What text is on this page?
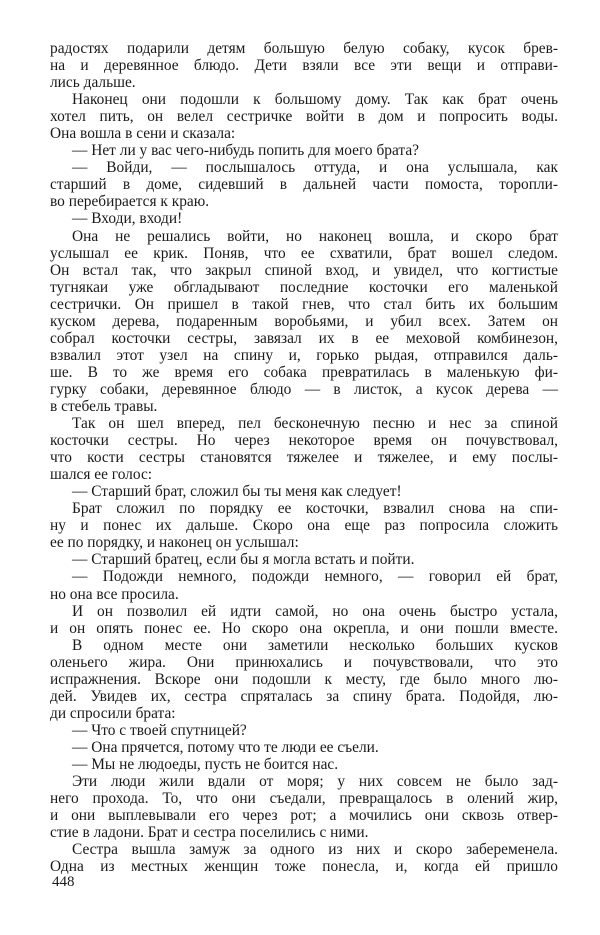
радостях подарили детям большую белую собаку, кусок брев-
на и деревянное блюдо. Дети взяли все эти вещи и отправи-
лись дальше.
Наконец они подошли к большому дому. Так как брат очень
хотел пить, он велел сестричке войти в дом и попросить воды.
Она вошла в сени и сказала:
— Нет ли у вас чего-нибудь попить для моего брата?
— Войди, — послышалось оттуда, и она услышала, как
старший в доме, сидевший в дальней части помоста, торопли-
во перебирается к краю.
— Входи, входи!
Она не решались войти, но наконец вошла, и скоро брат
услышал ее крик. Поняв, что ее схватили, брат вошел следом.
Он встал так, что закрыл спиной вход, и увидел, что когтистые
тугнякаи уже обгладывают последние косточки его маленькой
сестрички. Он пришел в такой гнев, что стал бить их большим
куском дерева, подаренным воробьями, и убил всех. Затем он
собрал косточки сестры, завязал их в ее меховой комбинезон,
взвалил этот узел на спину и, горько рыдая, отправился даль-
ше. В то же время его собака превратилась в маленькую фи-
гурку собаки, деревянное блюдо — в листок, а кусок дерева —
в стебель травы.
Так он шел вперед, пел бесконечную песню и нес за спиной
косточки сестры. Но через некоторое время он почувствовал,
что кости сестры становятся тяжелее и тяжелее, и ему послы-
шался ее голос:
— Старший брат, сложил бы ты меня как следует!
Брат сложил по порядку ее косточки, взвалил снова на спи-
ну и понес их дальше. Скоро она еще раз попросила сложить
ее по порядку, и наконец он услышал:
— Старший братец, если бы я могла встать и пойти.
— Подожди немного, подожди немного, — говорил ей брат,
но она все просила.
И он позволил ей идти самой, но она очень быстро устала,
и он опять понес ее. Но скоро она окрепла, и они пошли вместе.
В одном месте они заметили несколько больших кусков
оленьего жира. Они принюхались и почувствовали, что это
испражнения. Вскоре они подошли к месту, где было много лю-
дей. Увидев их, сестра спряталась за спину брата. Подойдя, лю-
ди спросили брата:
— Что с твоей спутницей?
— Она прячется, потому что те люди ее съели.
— Мы не людоеды, пусть не боится нас.
Эти люди жили вдали от моря; у них совсем не было зад-
него прохода. То, что они съедали, превращалось в олений жир,
и они выплевывали его через рот; а мочились они сквозь отвер-
стие в ладони. Брат и сестра поселились с ними.
Сестра вышла замуж за одного из них и скоро забеременела.
Одна из местных женщин тоже понесла, и, когда ей пришло
448
